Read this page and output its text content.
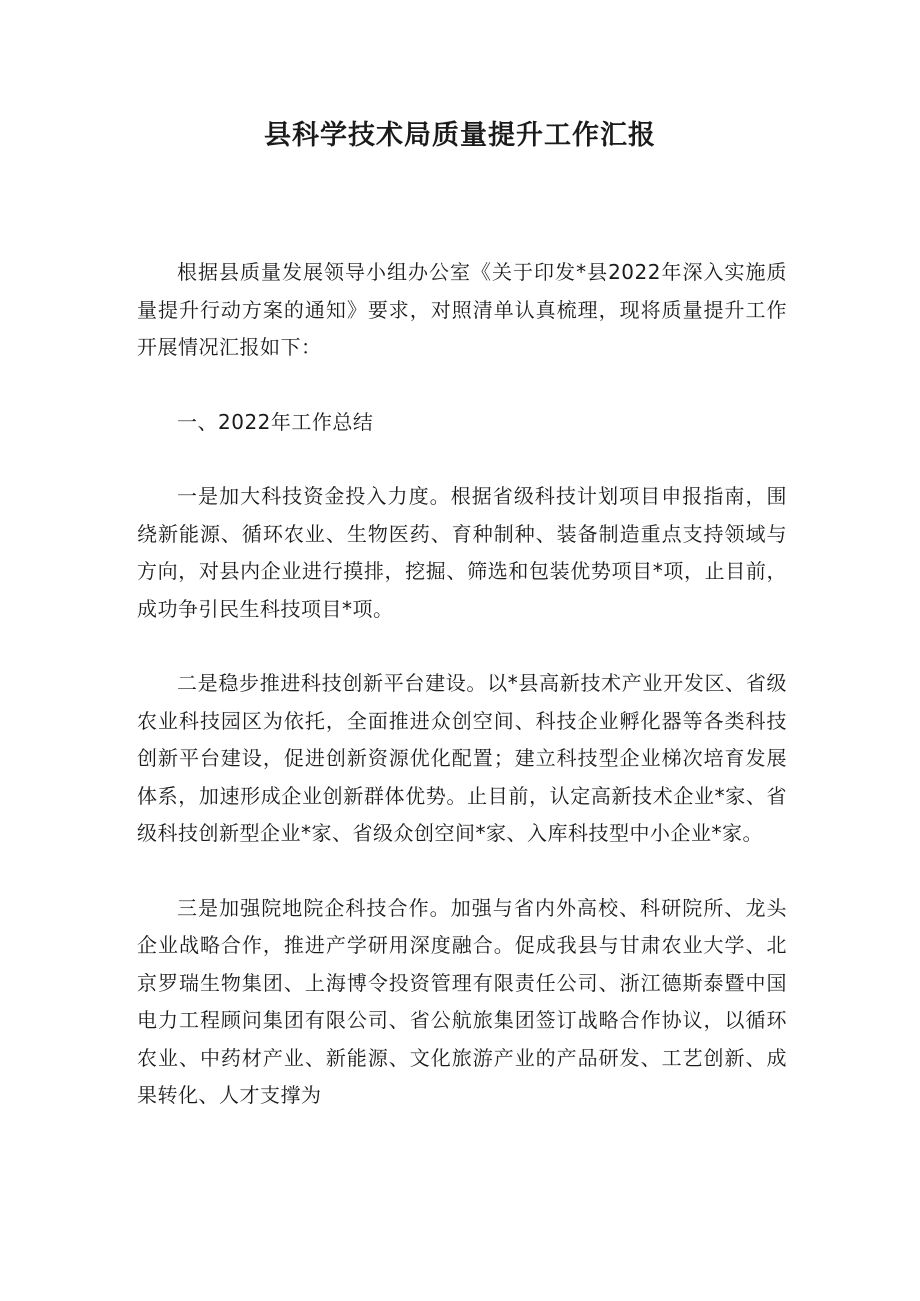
县科学技术局质量提升工作汇报

根据县质量发展领导小组办公室《关于印发*县2022年深入实施质量提升行动方案的通知》要求，对照清单认真梳理，现将质量提升工作开展情况汇报如下：

一、2022年工作总结

一是加大科技资金投入力度。根据省级科技计划项目申报指南，围绕新能源、循环农业、生物医药、育种制种、装备制造重点支持领域与方向，对县内企业进行摸排，挖掘、筛选和包装优势项目*项，止目前，成功争引民生科技项目*项。

二是稳步推进科技创新平台建设。以*县高新技术产业开发区、省级农业科技园区为依托，全面推进众创空间、科技企业孵化器等各类科技创新平台建设，促进创新资源优化配置；建立科技型企业梯次培育发展体系，加速形成企业创新群体优势。止目前，认定高新技术企业*家、省级科技创新型企业*家、省级众创空间*家、入库科技型中小企业*家。

三是加强院地院企科技合作。加强与省内外高校、科研院所、龙头企业战略合作，推进产学研用深度融合。促成我县与甘肃农业大学、北京罗瑞生物集团、上海博令投资管理有限责任公司、浙江德斯泰暨中国电力工程顾问集团有限公司、省公航旅集团签订战略合作协议，以循环农业、中药材产业、新能源、文化旅游产业的产品研发、工艺创新、成果转化、人才支撑为
